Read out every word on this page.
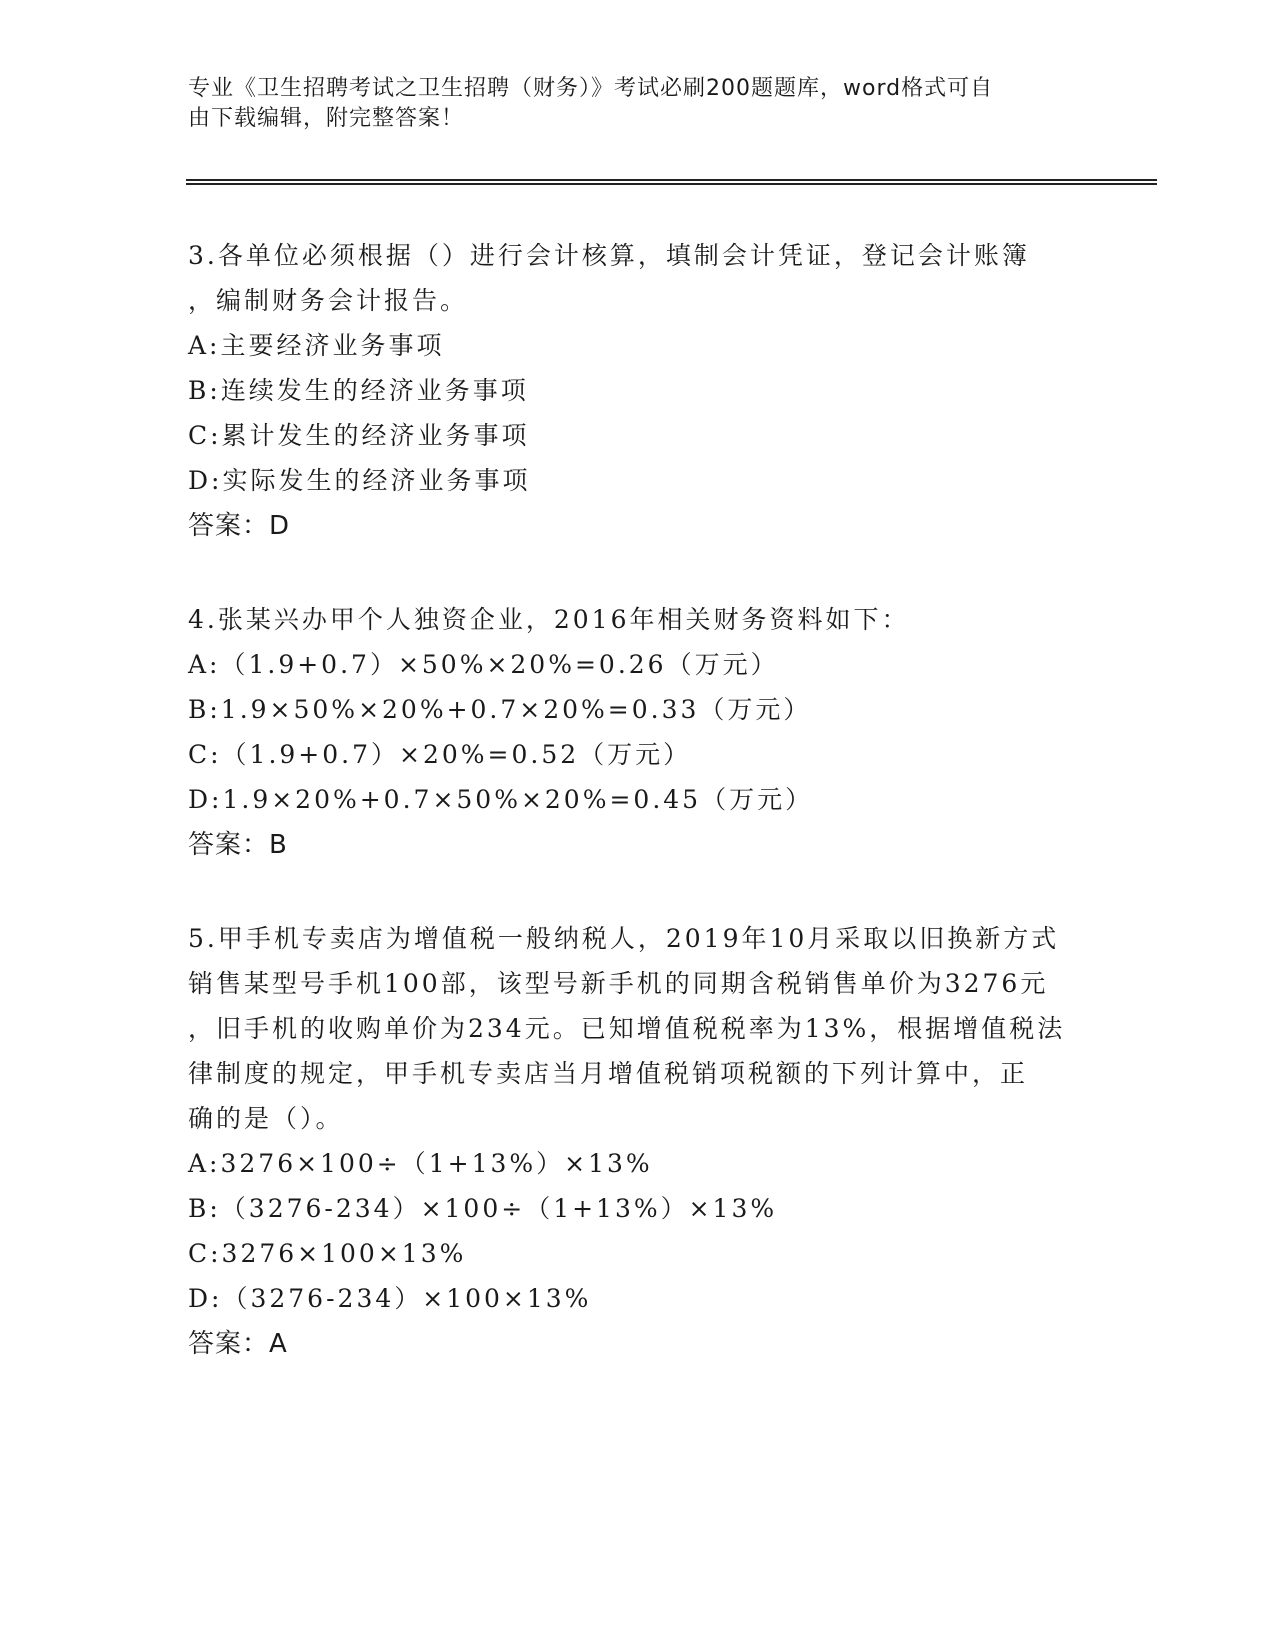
专业《卫生招聘考试之卫生招聘（财务）》考试必刷200题题库，word格式可自
由下载编辑，附完整答案！
3.各单位必须根据（）进行会计核算，填制会计凭证，登记会计账簿
，编制财务会计报告。
A:主要经济业务事项
B:连续发生的经济业务事项
C:累计发生的经济业务事项
D:实际发生的经济业务事项
答案：D
4.张某兴办甲个人独资企业，2016年相关财务资料如下：
A:（1.9+0.7）×50%×20%=0.26（万元）
B:1.9×50%×20%+0.7×20%=0.33（万元）
C:（1.9+0.7）×20%=0.52（万元）
D:1.9×20%+0.7×50%×20%=0.45（万元）
答案：B
5.甲手机专卖店为增值税一般纳税人，2019年10月采取以旧换新方式
销售某型号手机100部，该型号新手机的同期含税销售单价为3276元
，旧手机的收购单价为234元。已知增值税税率为13%，根据增值税法
律制度的规定，甲手机专卖店当月增值税销项税额的下列计算中，正
确的是（）。
A:3276×100÷（1+13%）×13%
B:（3276-234）×100÷（1+13%）×13%
C:3276×100×13%
D:（3276-234）×100×13%
答案：A
